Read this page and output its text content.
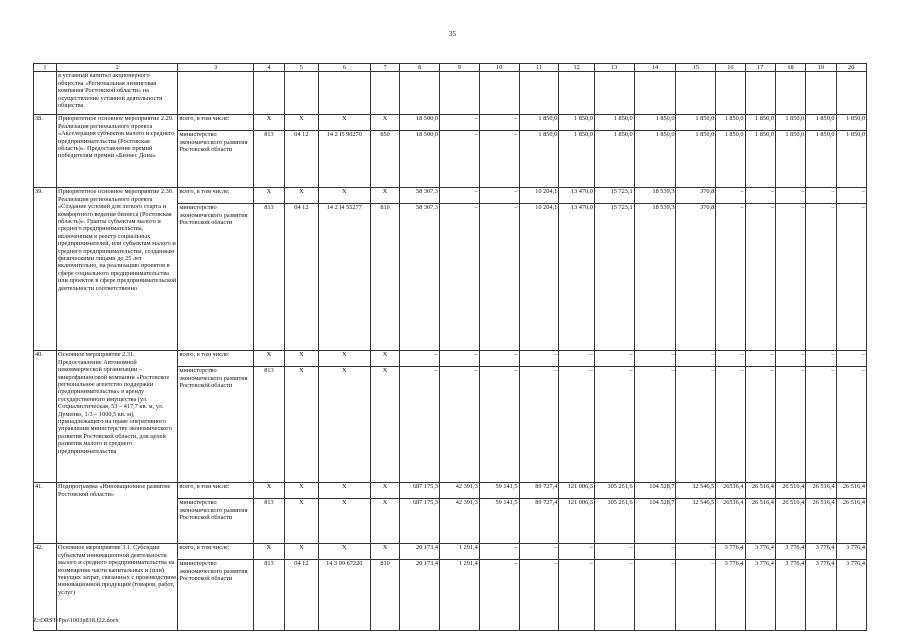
35
1	2	3	4	5	6	7	8	9	10	11	12	13	14	15	16	17	18	19	20
	в уставный капитал акционерного общества «Региональная лизинговая компания Ростовской области» на осуществление уставной деятельности общества																		
38.	Приоритетное основное мероприятие 2.29. Реализация регионального проекта «Акселерация субъектов малого и среднего предпринимательства (Ростовская область)». Предоставление премий победителям премии «Бизнес Дона»	всего, в том числе:	X	X	X	X	18 500,0	–	–	1 850,0	1 850,0	1 850,0	1 850,0	1 850,0	1 850,0	1 850,0	1 850,0	1 850,0	1 850,0
		министерство экономического развития Ростовской области	813	04 12	14 2 I5 90270	850	18 500,0	–	–	1 850,0	1 850,0	1 850,0	1 850,0	1 850,0	1 850,0	1 850,0	1 850,0	1 850,0	1 850,0
39.	Приоритетное основное мероприятие 2.30. Реализация регионального проекта «Создание условий для легкого старта и комфортного ведения бизнеса (Ростовская область)». Гранты субъектам малого и среднего предпринимательства, включенным в реестр социальных предпринимателей, или субъектам малого и среднего предпринимательства, созданным физическими лицами до 25 лет включительно, на реализацию проектов в сфере социального предпринимательства или проектов в сфере предпринимательской деятельности соответственно	всего, в том числе:	X	X	X	X	58 307,3	–	–	10 204,1	13 470,0	15 723,1	18 539,3	370,8	–	–	–	–	–
		министерство экономического развития Ростовской области	813	04 12	14 2 I4 55277	810	58 307,3	–	–	10 204,1	13 470,0	15 723,1	18 539,3	370,8	–	–	–	–	–
40.	Основное мероприятие 2.31. Предоставление Автономной некоммерческой организации – микрофинансовой компании «Ростовское региональное агентство поддержки предпринимательства» в аренду государственного имущества (ул. Социалистическая, 53 – 417,7 кв. м, ул. Думенко, 1/3 – 1000,5 кв. м), принадлежащего на праве оперативного управления министерству экономического развития Ростовской области, для целей развития малого и среднего предпринимательства	всего, в том числе:	X	X	X	X	–	–	–	–	–	–	–	–	–	–	–	–	–
		министерство экономического развития Ростовской области	813	X	X	X	–	–	–	–	–	–	–	–	–	–	–	–	–
41.	Подпрограмма «Инновационное развитие Ростовской области»	всего, в том числе:	X	X	X	X	687 175,3	42 391,3	59 141,5	89 727,4	121 006,3	105 251,6	104 528,7	32 546,5	26516,4	26 516,4	26 516,4	26 516,4	26 516,4
		министерство экономического развития Ростовской области	813	X	X	X	687 175,3	42 391,3	59 141,5	89 727,4	121 006,3	105 251,6	104 528,7	32 546,5	26516,4	26 516,4	26 516,4	26 516,4	26 516,4
42.	Основное мероприятие 3.1. Субсидии субъектам инновационной деятельности малого и среднего предпринимательства на возмещение части капитальных и (или) текущих затрат, связанных с производством инновационной продукции (товаров, работ, услуг)	всего, в том числе:	X	X	X	X	20 173,4	1 291,4	–	–	–	–	–	–	3 776,4	3 776,4	3 776,4	3 776,4	3 776,4
		министерство экономического развития Ростовской области	813	04 12	14 3 00 67220	810	20 173,4	1 291,4	–	–	–	–	–	–	3 776,4	3 776,4	3 776,4	3 776,4	3 776,4
Z:\ORST\Ppo\1003p818.f22.docx
